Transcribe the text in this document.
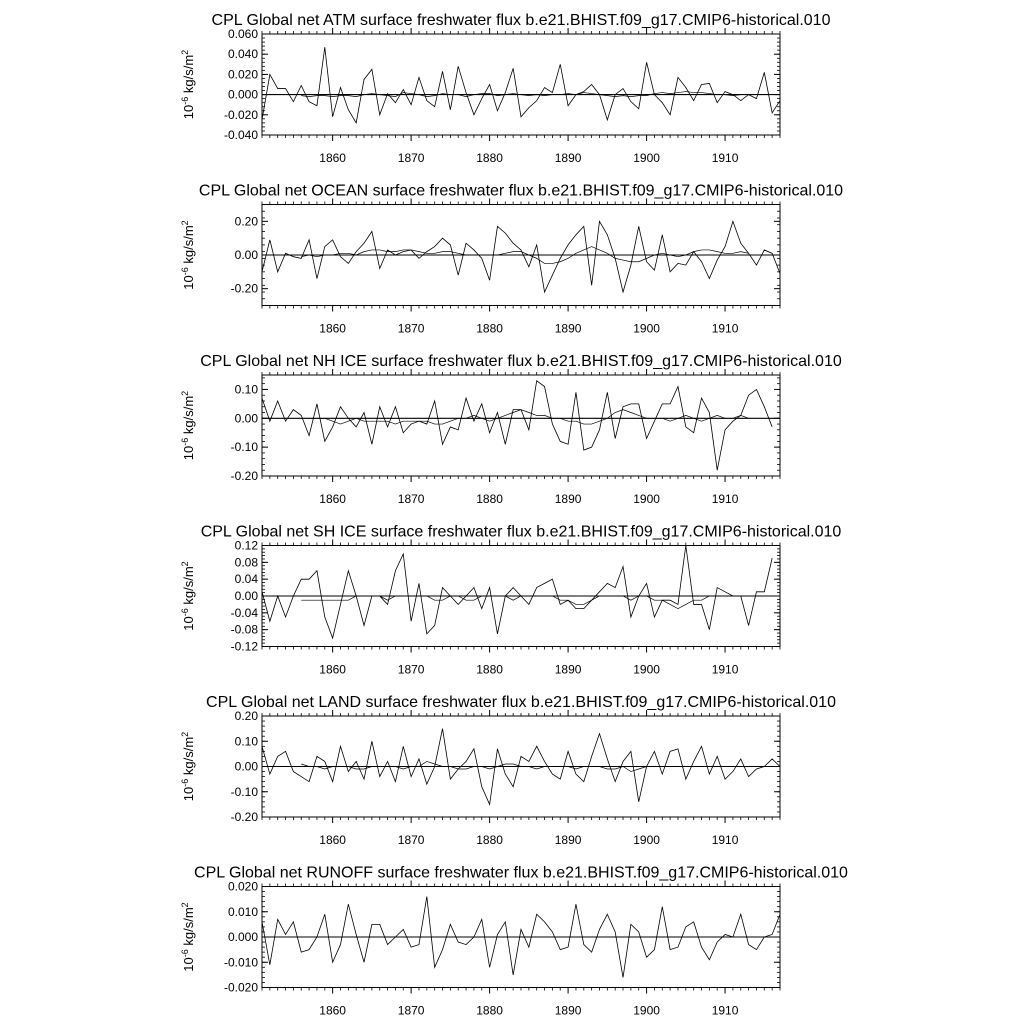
CPL Global net ATM surface freshwater flux b.e21.BHIST.f09_g17.CMIP6-historical.010
$10^{-6}$ $kg/s/m^2$
-0.040
-0.020
0.000
0.020
0.040
0.060
1860	1870	1880	1890	1900	1910
CPL Global net OCEAN surface freshwater flux b.e21.BHIST.f09_g17.CMIP6-historical.010
$10^{-6}$ $kg/s/m^2$
-0.20
0.00
0.20
1860	1870	1880	1890	1900	1910
CPL Global net NH ICE surface freshwater flux b.e21.BHIST.f09_g17.CMIP6-historical.010
$10^{-6}$ $kg/s/m^2$
-0.20
-0.10
0.00
0.10
1860	1870	1880	1890	1900	1910
CPL Global net SH ICE surface freshwater flux b.e21.BHIST.f09_g17.CMIP6-historical.010
$10^{-6}$ $kg/s/m^2$
-0.12
-0.08
-0.04
0.00
0.04
0.08
0.12
1860	1870	1880	1890	1900	1910
CPL Global net LAND surface freshwater flux b.e21.BHIST.f09_g17.CMIP6-historical.010
$10^{-6}$ $kg/s/m^2$
-0.20
-0.10
0.00
0.10
0.20
1860	1870	1880	1890	1900	1910
CPL Global net RUNOFF surface freshwater flux b.e21.BHIST.f09_g17.CMIP6-historical.010
$10^{-6}$ $kg/s/m^2$
-0.020
-0.010
0.000
0.010
0.020
1860	1870	1880	1890	1900	1910
